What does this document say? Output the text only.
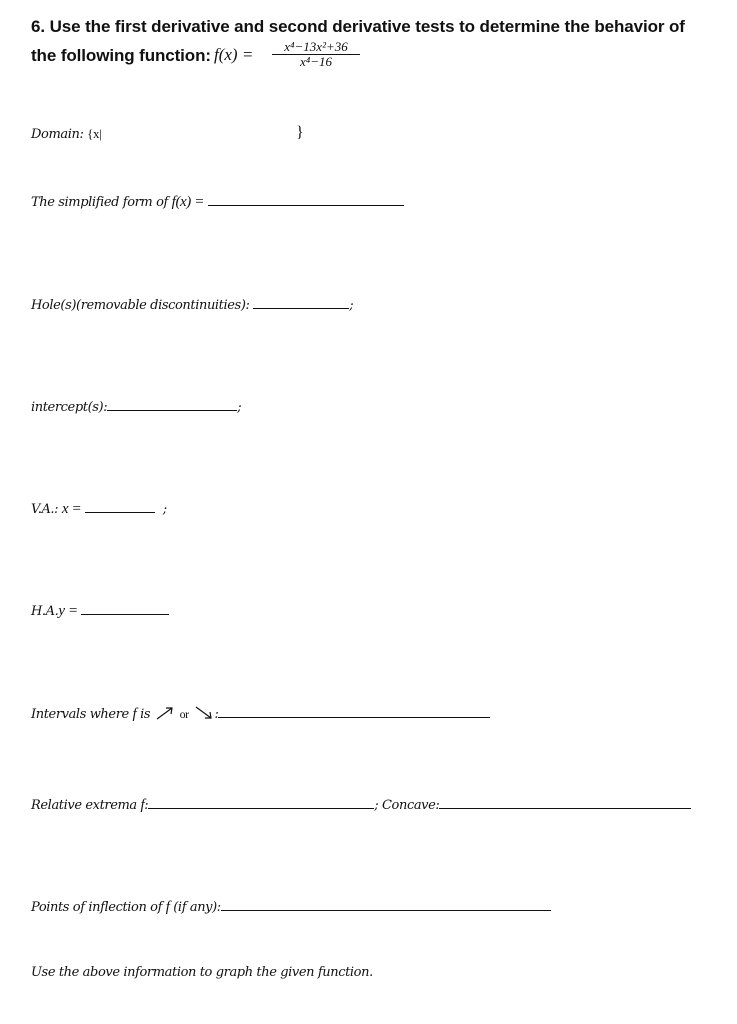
6. Use the first derivative and second derivative tests to determine the behavior of
the following function: $f(x) = \frac{\text{x⁴−13x²+36}}{\text{x⁴−16}}$
Domain: {x|	}
The simplified form of f(x) =
Hole(s)(removable discontinuities):	;
intercept(s):	;
V.A.: x =	;
H.A.y =
Intervals where f is or :
Relative extrema f:	; Concave:
Points of inflection of f (if any):
Use the above information to graph the given function.
